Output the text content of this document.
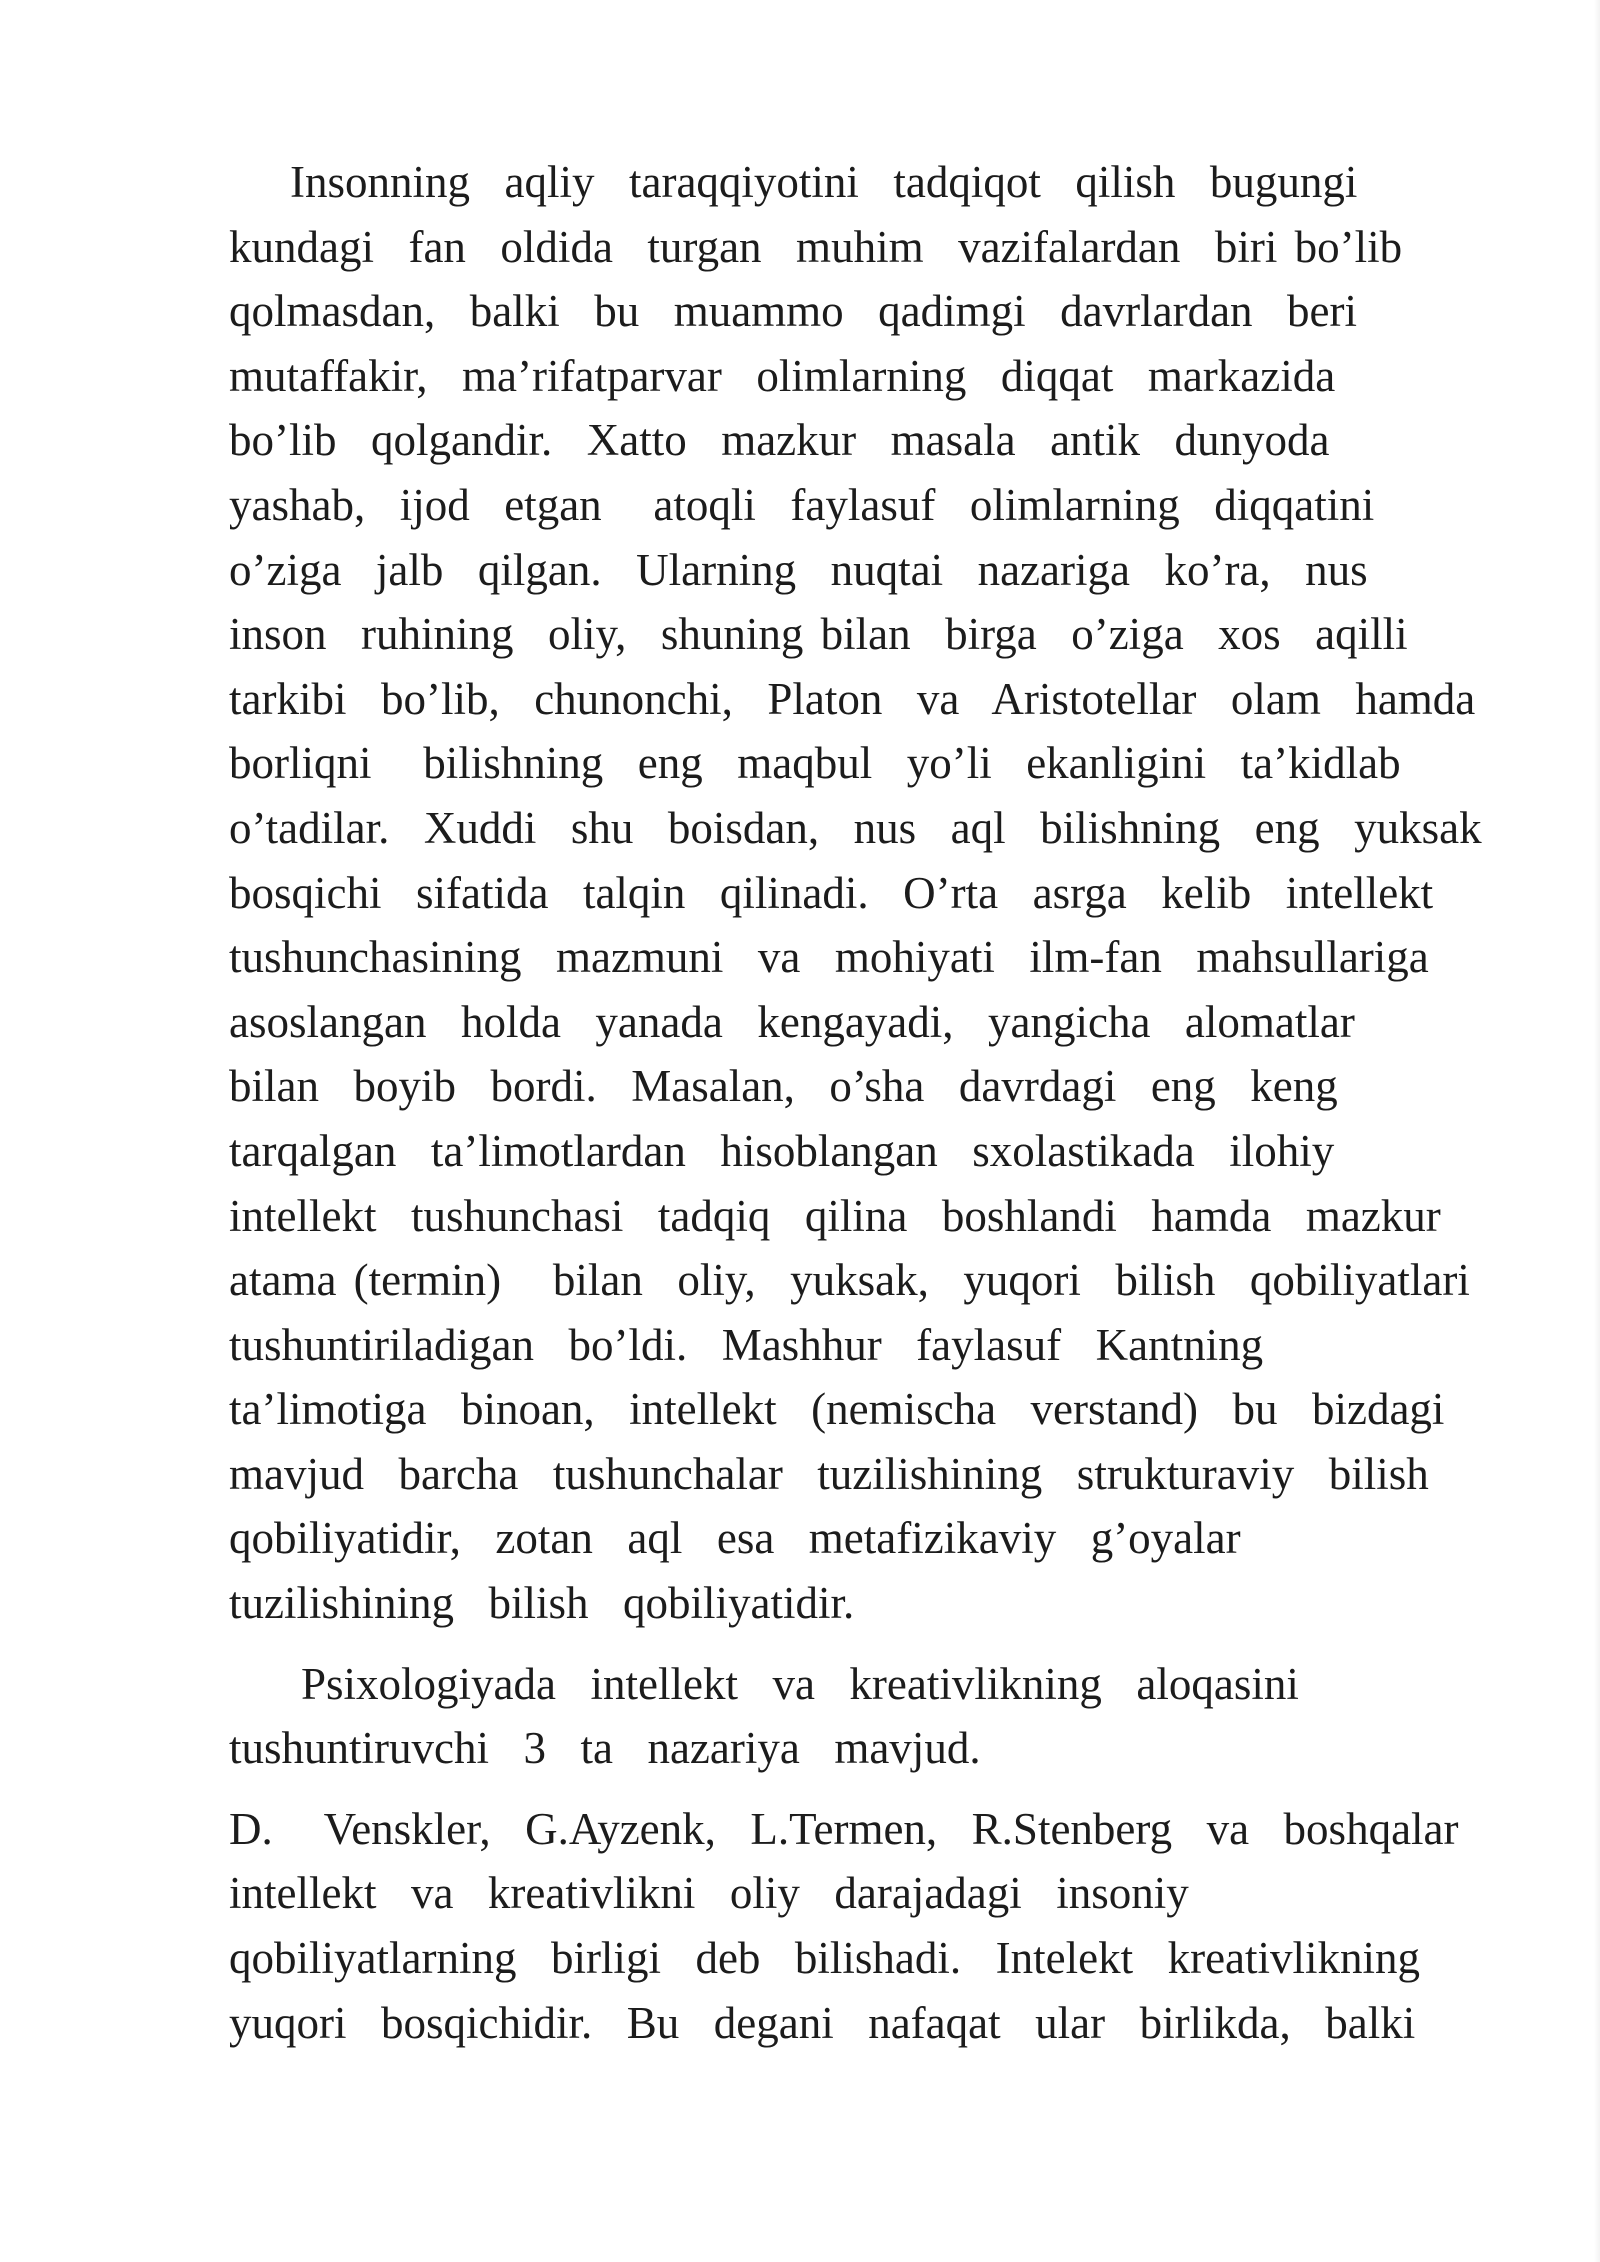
Insonning  aqliy  taraqqiyotini  tadqiqot  qilish  bugungi
kundagi  fan  oldida  turgan  muhim  vazifalardan  biri bo’lib
qolmasdan,  balki  bu  muammo  qadimgi  davrlardan  beri
mutaffakir,  ma’rifatparvar  olimlarning  diqqat  markazida
bo’lib  qolgandir.  Xatto  mazkur  masala  antik  dunyoda
yashab,  ijod  etgan   atoqli  faylasuf  olimlarning  diqqatini
o’ziga  jalb  qilgan.  Ularning  nuqtai  nazariga  ko’ra,  nus
inson  ruhining  oliy,  shuning bilan  birga  o’ziga  xos  aqilli
tarkibi  bo’lib,  chunonchi,  Platon  va  Aristotellar  olam  hamda
borliqni   bilishning  eng  maqbul  yo’li  ekanligini  ta’kidlab
o’tadilar.  Xuddi  shu  boisdan,  nus  aql  bilishning  eng  yuksak
bosqichi  sifatida  talqin  qilinadi.  O’rta  asrga  kelib  intellekt
tushunchasining  mazmuni  va  mohiyati  ilm-fan  mahsullariga
asoslangan  holda  yanada  kengayadi,  yangicha  alomatlar
bilan  boyib  bordi.  Masalan,  o’sha  davrdagi  eng  keng
tarqalgan  ta’limotlardan  hisoblangan  sxolastikada  ilohiy
intellekt  tushunchasi  tadqiq  qilina  boshlandi  hamda  mazkur
atama (termin)   bilan  oliy,  yuksak,  yuqori  bilish  qobiliyatlari
tushuntiriladigan  bo’ldi.  Mashhur  faylasuf  Kantning
ta’limotiga  binoan,  intellekt  (nemischa  verstand)  bu  bizdagi
mavjud  barcha  tushunchalar  tuzilishining  strukturaviy  bilish
qobiliyatidir,  zotan  aql  esa  metafizikaviy  g’oyalar
tuzilishining  bilish  qobiliyatidir.
Psixologiyada  intellekt  va  kreativlikning  aloqasini
tushuntiruvchi  3  ta  nazariya  mavjud.
D.   Venskler,  G.Ayzenk,  L.Termen,  R.Stenberg  va  boshqalar
intellekt  va  kreativlikni  oliy  darajadagi  insoniy
qobiliyatlarning  birligi  deb  bilishadi.  Intelekt  kreativlikning
yuqori  bosqichidir.  Bu  degani  nafaqat  ular  birlikda,  balki
